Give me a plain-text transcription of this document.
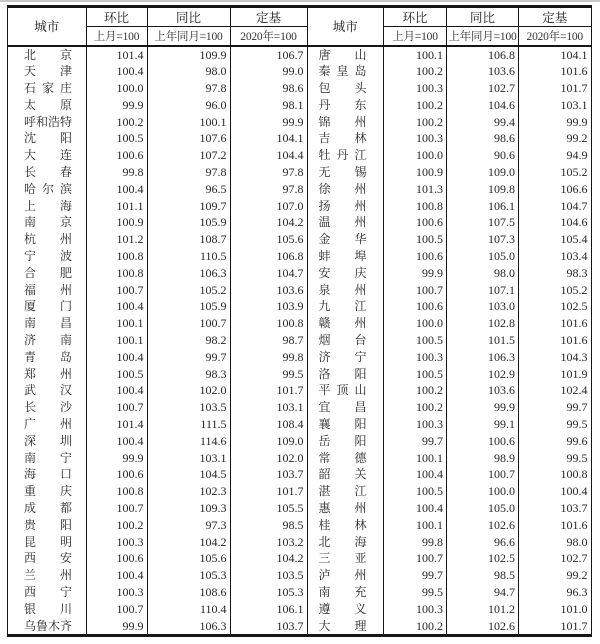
城市	环比	同比	定基
	上月=100	上年同月=100	2020年=100

北 京	101.4	109.9	106.7

天 津	100.4	98.0	99.0

石 家 庄	100.0	97.8	98.6

太 原	99.9	96.0	98.1

呼 和 浩 特	100.2	100.1	99.9

沈 阳	100.5	107.6	104.1

大 连	100.6	107.2	104.4

长 春	99.8	97.8	97.8

哈 尔 滨	100.4	96.5	97.8

上 海	101.1	109.7	107.0

南 京	100.9	105.9	104.2

杭 州	101.2	108.7	105.6

宁 波	100.8	110.5	106.8

合 肥	100.8	106.3	104.7

福 州	100.7	105.2	103.6

厦 门	100.4	105.9	103.9

南 昌	100.1	100.7	100.8

济 南	100.1	98.2	98.7

青 岛	100.4	99.7	99.8

郑 州	100.5	98.3	99.5

武 汉	100.4	102.0	101.7

长 沙	100.7	103.5	103.1

广 州	101.4	111.5	108.4

深 圳	100.4	114.6	109.0

南 宁	99.9	103.1	102.0

海 口	100.6	104.5	103.7

重 庆	100.8	102.3	101.7

成 都	100.7	109.3	105.5

贵 阳	100.2	97.3	98.5

昆 明	100.3	104.2	103.2

西 安	100.6	105.6	104.2

兰 州	100.4	105.3	103.5

西 宁	100.3	108.6	105.3

银 川	100.7	110.4	106.1

乌 鲁 木 齐	99.9	106.3	103.7
城市	环比	同比	定基
	上月=100	上年同月=100	2020年=100

唐 山	100.1	106.8	104.1

秦 皇 岛	100.2	103.6	101.6

包 头	100.3	102.7	101.7

丹 东	100.2	104.6	103.1

锦 州	100.2	99.4	99.9

吉 林	100.3	98.6	99.2

牡 丹 江	100.0	90.6	94.9

无 锡	100.9	109.0	105.2

徐 州	101.3	109.8	106.6

扬 州	100.8	106.1	104.7

温 州	100.6	107.5	104.6

金 华	100.5	107.3	105.4

蚌 埠	100.6	105.0	103.4

安 庆	99.9	98.0	98.3

泉 州	100.7	107.1	105.2

九 江	100.6	103.0	102.5

赣 州	100.0	102.8	101.6

烟 台	100.5	101.5	101.6

济 宁	100.3	106.3	104.3

洛 阳	100.5	102.9	101.9

平 顶 山	100.2	103.6	102.4

宜 昌	100.2	99.9	99.7

襄 阳	100.3	99.1	99.5

岳 阳	99.7	100.6	99.6

常 德	100.1	98.9	99.5

韶 关	100.4	100.7	100.8

湛 江	100.5	100.0	100.4

惠 州	100.4	105.0	103.7

桂 林	100.1	102.6	101.6

北 海	99.8	96.6	98.0

三 亚	100.7	102.5	102.7

泸 州	99.7	98.5	99.2

南 充	99.5	94.7	96.3

遵 义	100.3	101.2	101.0

大 理	100.2	102.6	101.7
